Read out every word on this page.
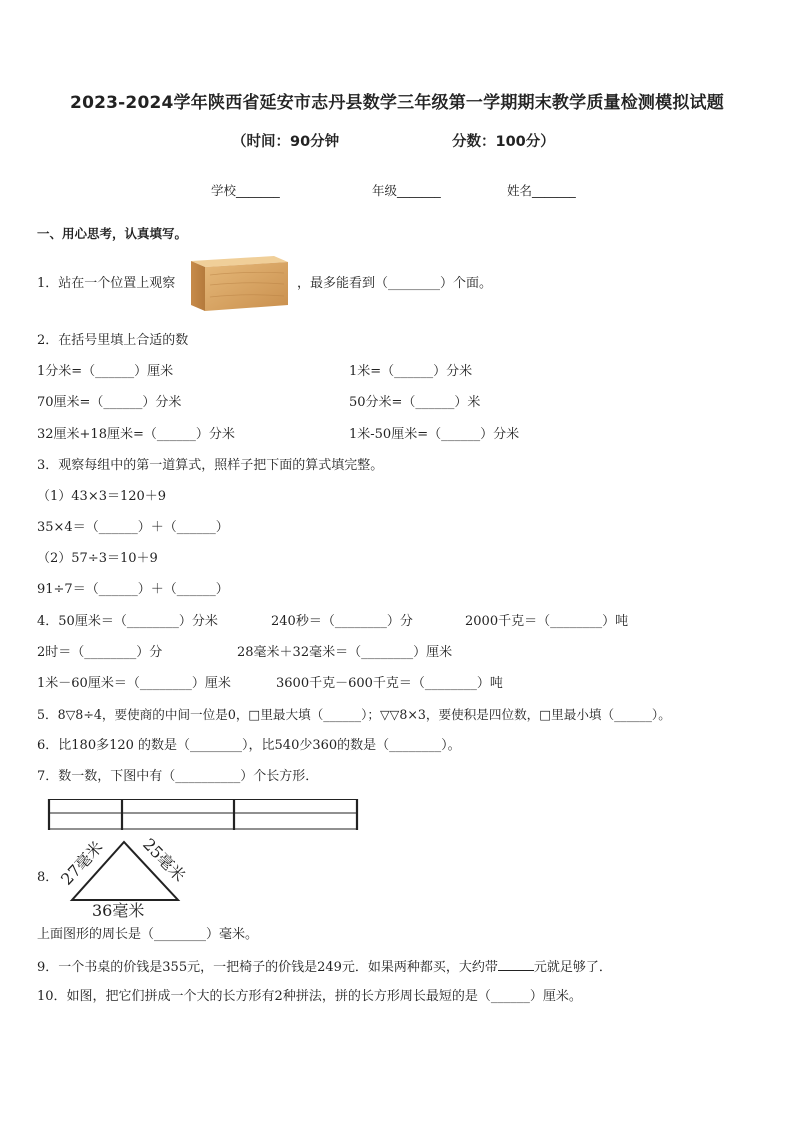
2023-2024学年陕西省延安市志丹县数学三年级第一学期期末教学质量检测模拟试题
（时间：90分钟	分数：100分）
学校_______	年级_______	姓名_______
一、用心思考，认真填写。
1．站在一个位置上观察	，最多能看到（________）个面。
2．在括号里填上合适的数
1分米=（______）厘米	1米=（______）分米
70厘米=（______）分米	50分米=（______）米
32厘米+18厘米=（______）分米	1米-50厘米=（______）分米
3．观察每组中的第一道算式，照样子把下面的算式填完整。
（1）43×3＝120＋9
35×4＝（______）＋（______）
（2）57÷3＝10＋9
91÷7＝（______）＋（______）
4．50厘米＝（________）分米	240秒＝（________）分	2000千克＝（________）吨
2时＝（________）分	28毫米＋32毫米＝（________）厘米
1米－60厘米＝（________）厘米	3600千克－600千克＝（________）吨
5．8▽8÷4，要使商的中间一位是0，□里最大填（______）；▽▽8×3，要使积是四位数，□里最小填（______）。
6．比180多120 的数是（________），比540少360的数是（________）。
7．数一数，下图中有（__________）个长方形．
8．
27毫米 25毫米
36毫米
上面图形的周长是（________）毫米。
9．一个书桌的价钱是355元，一把椅子的价钱是249元．如果两种都买，大约带	元就足够了．
10．如图，把它们拼成一个大的长方形有2种拼法，拼的长方形周长最短的是（______）厘米。
